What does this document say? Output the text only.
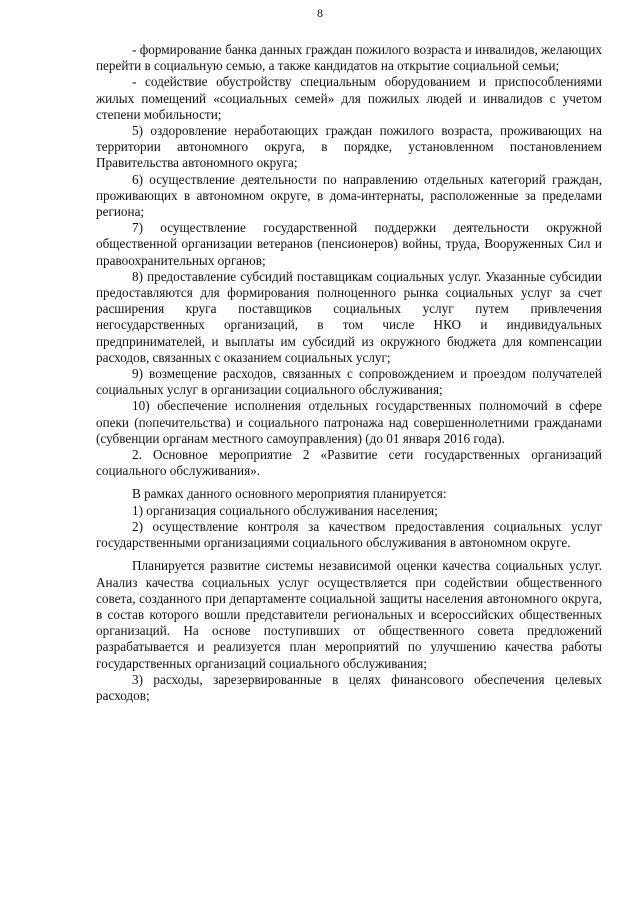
8

- формирование банка данных граждан пожилого возраста и инвалидов, желающих перейти в социальную семью, а также кандидатов на открытие социальной семьи;

- содействие обустройству специальным оборудованием и приспособлениями жилых помещений «социальных семей» для пожилых людей и инвалидов с учетом степени мобильности;

5) оздоровление неработающих граждан пожилого возраста, проживающих на территории автономного округа, в порядке, установленном постановлением Правительства автономного округа;

6) осуществление деятельности по направлению отдельных категорий граждан, проживающих в автономном округе, в дома-интернаты, расположенные за пределами региона;

7) осуществление государственной поддержки деятельности окружной общественной организации ветеранов (пенсионеров) войны, труда, Вооруженных Сил и правоохранительных органов;

8) предоставление субсидий поставщикам социальных услуг. Указанные субсидии предоставляются для формирования полноценного рынка социальных услуг за счет расширения круга поставщиков социальных услуг путем привлечения негосударственных организаций, в том числе НКО и индивидуальных предпринимателей, и выплаты им субсидий из окружного бюджета для компенсации расходов, связанных с оказанием социальных услуг;

9) возмещение расходов, связанных с сопровождением и проездом получателей социальных услуг в организации социального обслуживания;

10) обеспечение исполнения отдельных государственных полномочий в сфере опеки (попечительства) и социального патронажа над совершеннолетними гражданами (субвенции органам местного самоуправления) (до 01 января 2016 года).

2. Основное мероприятие 2 «Развитие сети государственных организаций социального обслуживания».

В рамках данного основного мероприятия планируется:

1) организация социального обслуживания населения;

2) осуществление контроля за качеством предоставления социальных услуг государственными организациями социального обслуживания в автономном округе.

Планируется развитие системы независимой оценки качества социальных услуг. Анализ качества социальных услуг осуществляется при содействии общественного совета, созданного при департаменте социальной защиты населения автономного округа, в состав которого вошли представители региональных и всероссийских общественных организаций. На основе поступивших от общественного совета предложений разрабатывается и реализуется план мероприятий по улучшению качества работы государственных организаций социального обслуживания;

3) расходы, зарезервированные в целях финансового обеспечения целевых расходов;
